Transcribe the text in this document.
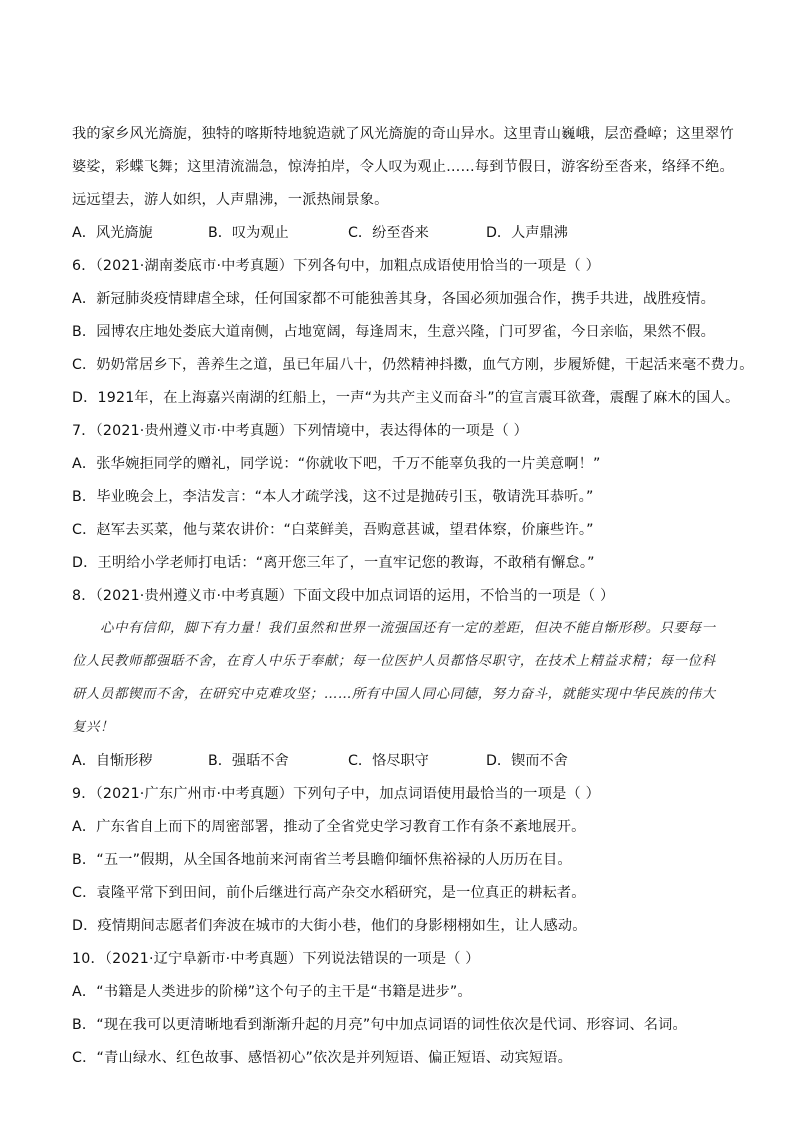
我的家乡风光旖旎，独特的喀斯特地貌造就了风光旖旎的奇山异水。这里青山巍峨，层峦叠嶂；这里翠竹
婆娑，彩蝶飞舞；这里清流湍急，惊涛拍岸，令人叹为观止……每到节假日，游客纷至沓来，络绎不绝。
远远望去，游人如织，人声鼎沸，一派热闹景象。
A．风光旖旎	B．叹为观止	C．纷至沓来	D．人声鼎沸
6．（2021·湖南娄底市·中考真题）下列各句中，加粗点成语使用恰当的一项是（ ）
A．新冠肺炎疫情肆虐全球，任何国家都不可能独善其身，各国必须加强合作，携手共进，战胜疫情。
B．园博农庄地处娄底大道南侧，占地宽阔，每逢周末，生意兴隆，门可罗雀，今日亲临，果然不假。
C．奶奶常居乡下，善养生之道，虽已年届八十，仍然精神抖擞，血气方刚，步履矫健，干起活来毫不费力。
D．1921年，在上海嘉兴南湖的红船上，一声“为共产主义而奋斗”的宣言震耳欲聋，震醒了麻木的国人。
7．（2021·贵州遵义市·中考真题）下列情境中，表达得体的一项是（ ）
A．张华婉拒同学的赠礼，同学说：“你就收下吧，千万不能辜负我的一片美意啊！”
B．毕业晚会上，李洁发言：“本人才疏学浅，这不过是抛砖引玉，敬请洗耳恭听。”
C．赵军去买菜，他与菜农讲价：“白菜鲜美，吾购意甚诚，望君体察，价廉些许。”
D．王明给小学老师打电话：“离开您三年了，一直牢记您的教诲，不敢稍有懈怠。”
8．（2021·贵州遵义市·中考真题）下面文段中加点词语的运用，不恰当的一项是（ ）
心中有信仰，脚下有力量！我们虽然和世界一流强国还有一定的差距，但决不能自惭形秽。只要每一
位人民教师都强聒不舍，在育人中乐于奉献；每一位医护人员都恪尽职守，在技术上精益求精；每一位科
研人员都锲而不舍，在研究中克难攻坚；……所有中国人同心同德，努力奋斗，就能实现中华民族的伟大
复兴！
A．自惭形秽	B．强聒不舍	C．恪尽职守	D．锲而不舍
9．（2021·广东广州市·中考真题）下列句子中，加点词语使用最恰当的一项是（ ）
A．广东省自上而下的周密部署，推动了全省党史学习教育工作有条不紊地展开。
B．“五一”假期，从全国各地前来河南省兰考县瞻仰缅怀焦裕禄的人历历在目。
C．袁隆平常下到田间，前仆后继进行高产杂交水稻研究，是一位真正的耕耘者。
D．疫情期间志愿者们奔波在城市的大街小巷，他们的身影栩栩如生，让人感动。
10．（2021·辽宁阜新市·中考真题）下列说法错误的一项是（ ）
A．“书籍是人类进步的阶梯”这个句子的主干是“书籍是进步”。
B．“现在我可以更清晰地看到渐渐升起的月亮”句中加点词语的词性依次是代词、形容词、名词。
C．“青山绿水、红色故事、感悟初心”依次是并列短语、偏正短语、动宾短语。
